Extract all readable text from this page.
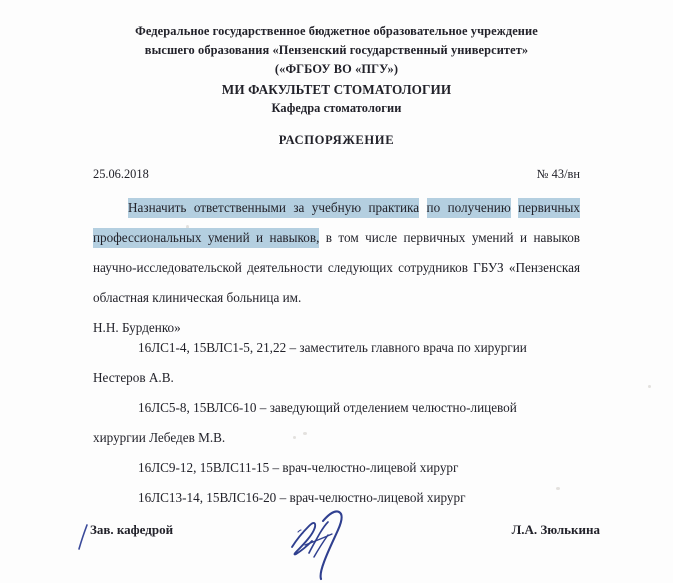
Федеральное государственное бюджетное образовательное учреждение
высшего образования «Пензенский государственный университет»
(«ФГБОУ ВО «ПГУ»)
МИ ФАКУЛЬТЕТ СТОМАТОЛОГИИ
Кафедра стоматологии
РАСПОРЯЖЕНИЕ
25.06.2018	№ 43/вн

Назначить ответственными за учебную практика по получению первичных профессиональных умений и навыков, в том числе первичных умений и навыков научно-исследовательской деятельности следующих сотрудников ГБУЗ «Пензенская областная клиническая больница им.

Н.Н. Бурденко»

16ЛС1-4, 15ВЛС1-5, 21,22 – заместитель главного врача по хирургии
Нестеров А.В.
16ЛС5-8, 15ВЛС6-10 – заведующий отделением челюстно-лицевой
хирургии Лебедев М.В.
16ЛС9-12, 15ВЛС11-15 – врач-челюстно-лицевой хирург
16ЛС13-14, 15ВЛС16-20 – врач-челюстно-лицевой хирург
Зав. кафедрой	Л.А. Зюлькина
